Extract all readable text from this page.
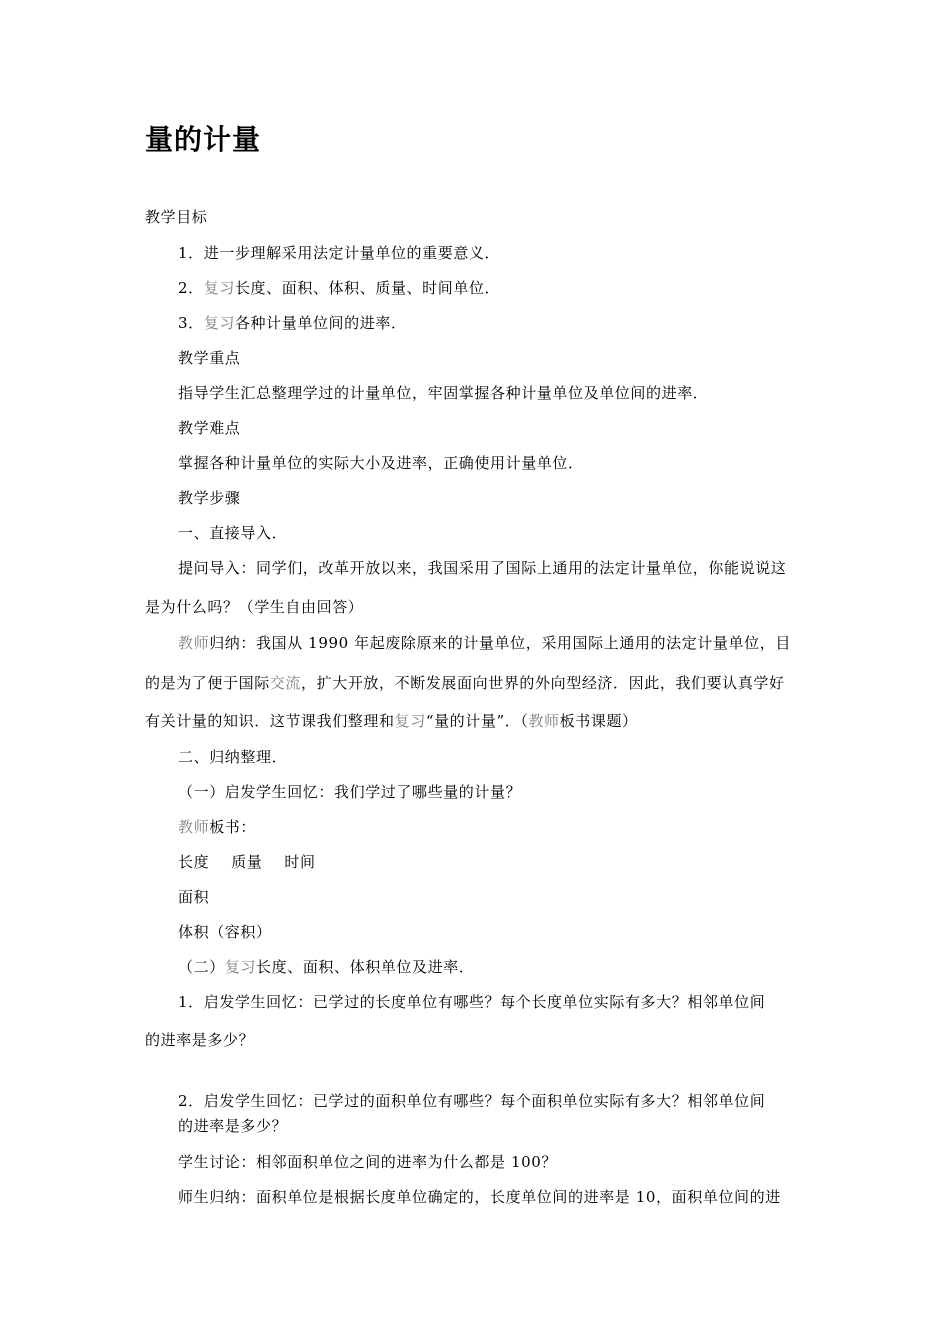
量的计量
教学目标
1．进一步理解采用法定计量单位的重要意义．
2．复习长度、面积、体积、质量、时间单位．
3．复习各种计量单位间的进率．
教学重点
指导学生汇总整理学过的计量单位，牢固掌握各种计量单位及单位间的进率．
教学难点
掌握各种计量单位的实际大小及进率，正确使用计量单位．
教学步骤
一、直接导入．
提问导入：同学们，改革开放以来，我国采用了国际上通用的法定计量单位，你能说说这
是为什么吗？（学生自由回答）
教师归纳：我国从 1990 年起废除原来的计量单位，采用国际上通用的法定计量单位，目
的是为了便于国际交流，扩大开放，不断发展面向世界的外向型经济．因此，我们要认真学好
有关计量的知识．这节课我们整理和复习“量的计量”．（教师板书课题）
二、归纳整理．
（一）启发学生回忆：我们学过了哪些量的计量？
教师板书：
长度 质量 时间
面积
体积（容积）
（二）复习长度、面积、体积单位及进率．
1．启发学生回忆：已学过的长度单位有哪些？每个长度单位实际有多大？相邻单位间
的进率是多少？
2．启发学生回忆：已学过的面积单位有哪些？每个面积单位实际有多大？相邻单位间
的进率是多少？
学生讨论：相邻面积单位之间的进率为什么都是 100？
师生归纳：面积单位是根据长度单位确定的，长度单位间的进率是 10，面积单位间的进
